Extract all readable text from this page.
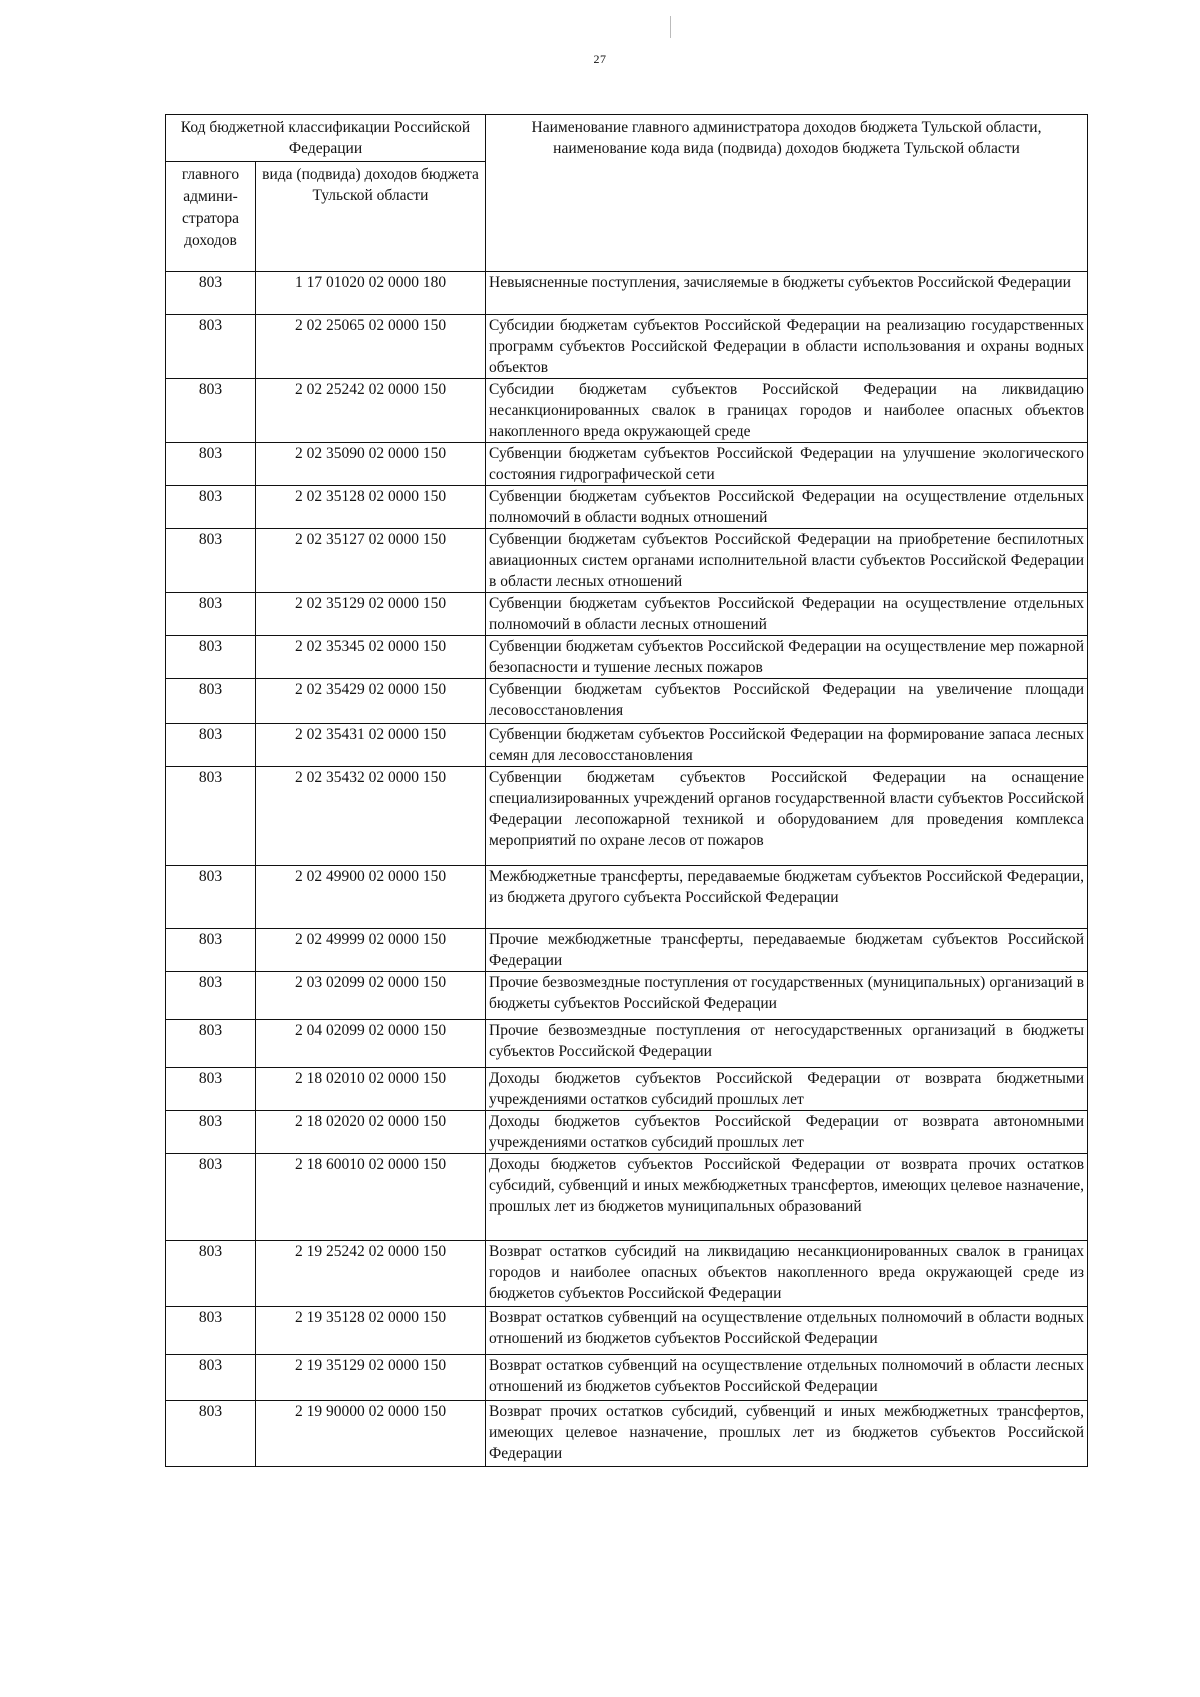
27
Код бюджетной классификации Российской Федерации		Наименование главного администратора доходов бюджета Тульской области, наименование кода вида (подвида) доходов бюджета Тульской области
главного админи-стратора доходов	вида (подвида) доходов бюджета Тульской области	
803	1 17 01020 02 0000 180	Невыясненные поступления, зачисляемые в бюджеты субъектов Российской Федерации
803	2 02 25065 02 0000 150	Субсидии бюджетам субъектов Российской Федерации на реализацию государственных программ субъектов Российской Федерации в области использования и охраны водных объектов
803	2 02 25242 02 0000 150	Субсидии бюджетам субъектов Российской Федерации на ликвидацию несанкционированных свалок в границах городов и наиболее опасных объектов накопленного вреда окружающей среде
803	2 02 35090 02 0000 150	Субвенции бюджетам субъектов Российской Федерации на улучшение экологического состояния гидрографической сети
803	2 02 35128 02 0000 150	Субвенции бюджетам субъектов Российской Федерации на осуществление отдельных полномочий в области водных отношений
803	2 02 35127 02 0000 150	Субвенции бюджетам субъектов Российской Федерации на приобретение беспилотных авиационных систем органами исполнительной власти субъектов Российской Федерации в области лесных отношений
803	2 02 35129 02 0000 150	Субвенции бюджетам субъектов Российской Федерации на осуществление отдельных полномочий в области лесных отношений
803	2 02 35345 02 0000 150	Субвенции бюджетам субъектов Российской Федерации на осуществление мер пожарной безопасности и тушение лесных пожаров
803	2 02 35429 02 0000 150	Субвенции бюджетам субъектов Российской Федерации на увеличение площади лесовосстановления
803	2 02 35431 02 0000 150	Субвенции бюджетам субъектов Российской Федерации на формирование запаса лесных семян для лесовосстановления
803	2 02 35432 02 0000 150	Субвенции бюджетам субъектов Российской Федерации на оснащение специализированных учреждений органов государственной власти субъектов Российской Федерации лесопожарной техникой и оборудованием для проведения комплекса мероприятий по охране лесов от пожаров
803	2 02 49900 02 0000 150	Межбюджетные трансферты, передаваемые бюджетам субъектов Российской Федерации, из бюджета другого субъекта Российской Федерации
803	2 02 49999 02 0000 150	Прочие межбюджетные трансферты, передаваемые бюджетам субъектов Российской Федерации
803	2 03 02099 02 0000 150	Прочие безвозмездные поступления от государственных (муниципальных) организаций в бюджеты субъектов Российской Федерации
803	2 04 02099 02 0000 150	Прочие безвозмездные поступления от негосударственных организаций в бюджеты субъектов Российской Федерации
803	2 18 02010 02 0000 150	Доходы бюджетов субъектов Российской Федерации от возврата бюджетными учреждениями остатков субсидий прошлых лет
803	2 18 02020 02 0000 150	Доходы бюджетов субъектов Российской Федерации от возврата автономными учреждениями остатков субсидий прошлых лет
803	2 18 60010 02 0000 150	Доходы бюджетов субъектов Российской Федерации от возврата прочих остатков субсидий, субвенций и иных межбюджетных трансфертов, имеющих целевое назначение, прошлых лет из бюджетов муниципальных образований
803	2 19 25242 02 0000 150	Возврат остатков субсидий на ликвидацию несанкционированных свалок в границах городов и наиболее опасных объектов накопленного вреда окружающей среде из бюджетов субъектов Российской Федерации
803	2 19 35128 02 0000 150	Возврат остатков субвенций на осуществление отдельных полномочий в области водных отношений из бюджетов субъектов Российской Федерации
803	2 19 35129 02 0000 150	Возврат остатков субвенций на осуществление отдельных полномочий в области лесных отношений из бюджетов субъектов Российской Федерации
803	2 19 90000 02 0000 150	Возврат прочих остатков субсидий, субвенций и иных межбюджетных трансфертов, имеющих целевое назначение, прошлых лет из бюджетов субъектов Российской Федерации
